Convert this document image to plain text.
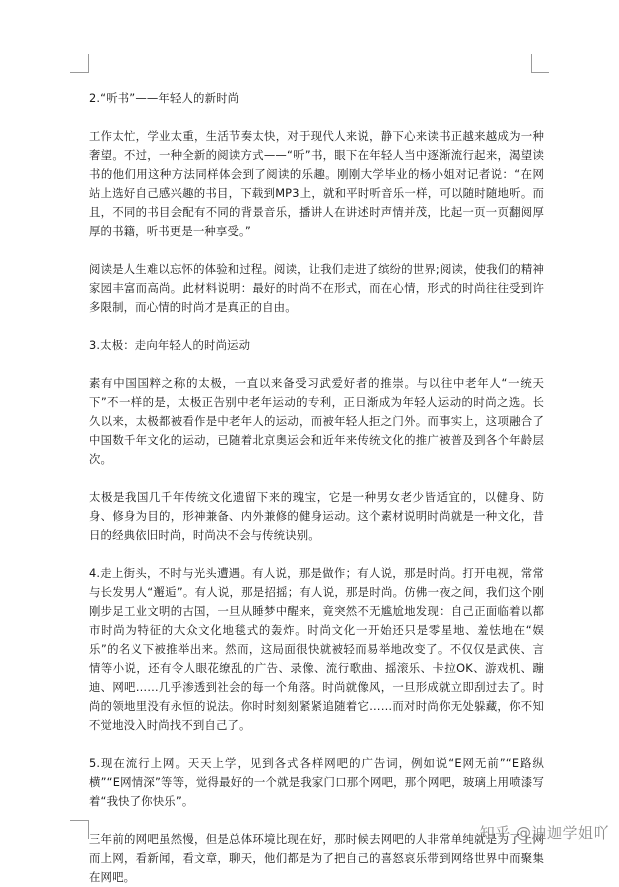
2.“听书”——年轻人的新时尚

工作太忙，学业太重，生活节奏太快，对于现代人来说，静下心来读书正越来越成为一种奢望。不过，一种全新的阅读方式——“听”书，眼下在年轻人当中逐渐流行起来，渴望读书的他们用这种方法同样体会到了阅读的乐趣。刚刚大学毕业的杨小姐对记者说：“在网站上选好自己感兴趣的书目，下载到MP3上，就和平时听音乐一样，可以随时随地听。而且，不同的书目会配有不同的背景音乐，播讲人在讲述时声情并茂，比起一页一页翻阅厚厚的书籍，听书更是一种享受。”

阅读是人生难以忘怀的体验和过程。阅读，让我们走进了缤纷的世界;阅读，使我们的精神家园丰富而高尚。此材料说明：最好的时尚不在形式，而在心情，形式的时尚往往受到许多限制，而心情的时尚才是真正的自由。

3.太极：走向年轻人的时尚运动

素有中国国粹之称的太极，一直以来备受习武爱好者的推崇。与以往中老年人“一统天下”不一样的是，太极正告别中老年运动的专利，正日渐成为年轻人运动的时尚之选。长久以来，太极都被看作是中老年人的运动，而被年轻人拒之门外。而事实上，这项融合了中国数千年文化的运动，已随着北京奥运会和近年来传统文化的推广被普及到各个年龄层次。

太极是我国几千年传统文化遗留下来的瑰宝，它是一种男女老少皆适宜的，以健身、防身、修身为目的，形神兼备、内外兼修的健身运动。这个素材说明时尚就是一种文化，昔日的经典依旧时尚，时尚决不会与传统诀别。

4.走上街头，不时与光头遭遇。有人说，那是做作；有人说，那是时尚。打开电视，常常与长发男人“邂逅”。有人说，那是招摇；有人说，那是时尚。仿佛一夜之间，我们这个刚刚步足工业文明的古国，一旦从睡梦中醒来，竟突然不无尴尬地发现：自己正面临着以都市时尚为特征的大众文化地毯式的轰炸。时尚文化一开始还只是零星地、羞怯地在“娱乐”的名义下被推举出来。然而，这局面很快就被轻而易举地改变了。不仅仅是武侠、言情等小说，还有令人眼花缭乱的广告、录像、流行歌曲、摇滚乐、卡拉OK、游戏机、蹦迪、网吧……几乎渗透到社会的每一个角落。时尚就像风，一旦形成就立即刮过去了。时尚的领地里没有永恒的说法。你时时刻刻紧紧追随着它……而对时尚你无处躲藏，你不知不觉地没入时尚找不到自己了。

5.现在流行上网。天天上学，见到各式各样网吧的广告词，例如说“E网无前”“E路纵横”“E网情深”等等，觉得最好的一个就是我家门口那个网吧，那个网吧，玻璃上用喷漆写着“我快了你快乐”。

三年前的网吧虽然慢，但是总体环境比现在好，那时候去网吧的人非常单纯就是为了上网而上网，看新闻，看文章，聊天，他们都是为了把自己的喜怒哀乐带到网络世界中而聚集在网吧。

知乎 @迪迦学姐吖
